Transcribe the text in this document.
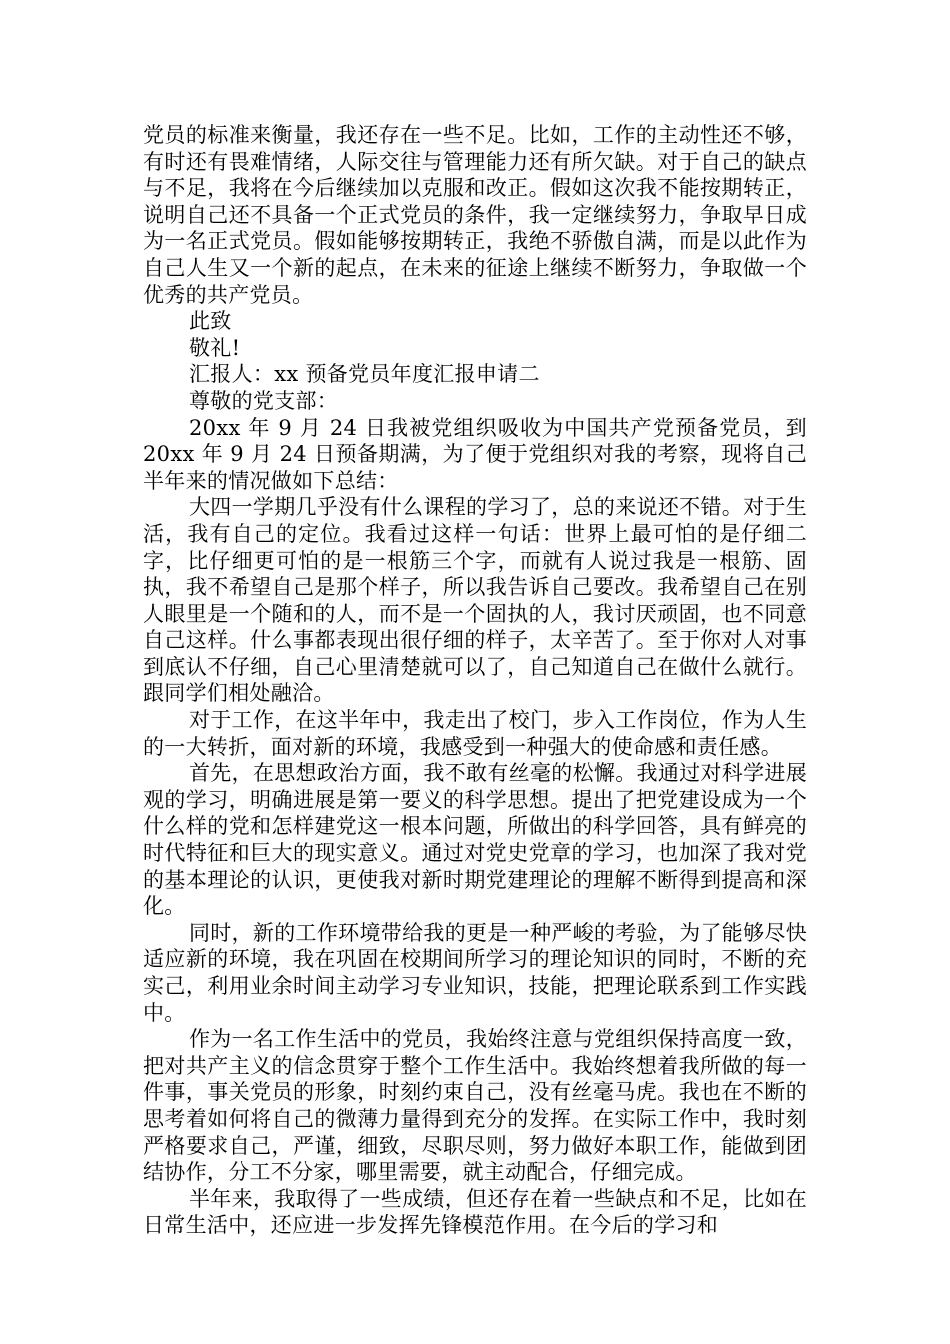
党员的标准来衡量，我还存在一些不足。比如，工作的主动性还不够，有时还有畏难情绪，人际交往与管理能力还有所欠缺。对于自己的缺点与不足，我将在今后继续加以克服和改正。假如这次我不能按期转正，说明自己还不具备一个正式党员的条件，我一定继续努力，争取早日成为一名正式党员。假如能够按期转正，我绝不骄傲自满，而是以此作为自己人生又一个新的起点，在未来的征途上继续不断努力，争取做一个优秀的共产党员。

此致

敬礼!

汇报人：xx 预备党员年度汇报申请二

尊敬的党支部：

20xx 年 9 月 24 日我被党组织吸收为中国共产党预备党员，到 20xx 年 9 月 24 日预备期满，为了便于党组织对我的考察，现将自己半年来的情况做如下总结：

大四一学期几乎没有什么课程的学习了，总的来说还不错。对于生活，我有自己的定位。我看过这样一句话：世界上最可怕的是仔细二字，比仔细更可怕的是一根筋三个字，而就有人说过我是一根筋、固执，我不希望自己是那个样子，所以我告诉自己要改。我希望自己在别人眼里是一个随和的人，而不是一个固执的人，我讨厌顽固，也不同意自己这样。什么事都表现出很仔细的样子，太辛苦了。至于你对人对事到底认不仔细，自己心里清楚就可以了，自己知道自己在做什么就行。跟同学们相处融洽。

对于工作，在这半年中，我走出了校门，步入工作岗位，作为人生的一大转折，面对新的环境，我感受到一种强大的使命感和责任感。

首先，在思想政治方面，我不敢有丝毫的松懈。我通过对科学进展观的学习，明确进展是第一要义的科学思想。提出了把党建设成为一个什么样的党和怎样建党这一根本问题，所做出的科学回答，具有鲜亮的时代特征和巨大的现实意义。通过对党史党章的学习，也加深了我对党的基本理论的认识，更使我对新时期党建理论的理解不断得到提高和深化。

同时，新的工作环境带给我的更是一种严峻的考验，为了能够尽快适应新的环境，我在巩固在校期间所学习的理论知识的同时，不断的充实己，利用业余时间主动学习专业知识，技能，把理论联系到工作实践中。

作为一名工作生活中的党员，我始终注意与党组织保持高度一致，把对共产主义的信念贯穿于整个工作生活中。我始终想着我所做的每一件事，事关党员的形象，时刻约束自己，没有丝毫马虎。我也在不断的思考着如何将自己的微薄力量得到充分的发挥。在实际工作中，我时刻严格要求自己，严谨，细致，尽职尽则，努力做好本职工作，能做到团结协作，分工不分家，哪里需要，就主动配合，仔细完成。

半年来，我取得了一些成绩，但还存在着一些缺点和不足，比如在日常生活中，还应进一步发挥先锋模范作用。在今后的学习和
